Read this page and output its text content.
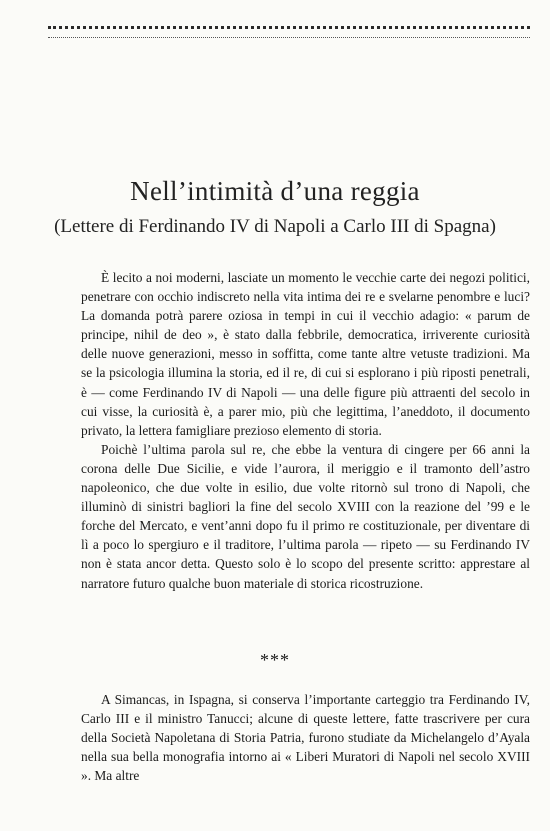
Nell’intimità d’una reggia
(Lettere di Ferdinando IV di Napoli a Carlo III di Spagna)

È lecito a noi moderni, lasciate un momento le vecchie carte dei negozi politici, penetrare con occhio indiscreto nella vita intima dei re e svelarne penombre e luci? La domanda potrà parere oziosa in tempi in cui il vecchio adagio: « parum de principe, nihil de deo », è stato dalla febbrile, democratica, irriverente curiosità delle nuove generazioni, messo in soffitta, come tante altre vetuste tradizioni. Ma se la psicologia illumina la storia, ed il re, di cui si esplorano i più riposti penetrali, è — come Ferdinando IV di Napoli — una delle figure più attraenti del secolo in cui visse, la curiosità è, a parer mio, più che legittima, l’aneddoto, il documento privato, la lettera famigliare prezioso elemento di storia.

Poichè l’ultima parola sul re, che ebbe la ventura di cingere per 66 anni la corona delle Due Sicilie, e vide l’aurora, il meriggio e il tramonto dell’astro napoleonico, che due volte in esilio, due volte ritornò sul trono di Napoli, che illuminò di sinistri bagliori la fine del secolo XVIII con la reazione del ’99 e le forche del Mercato, e vent’anni dopo fu il primo re costituzionale, per diventare di lì a poco lo spergiuro e il traditore, l’ultima parola — ripeto — su Ferdinando IV non è stata ancor detta. Questo solo è lo scopo del presente scritto: apprestare al narratore futuro qualche buon materiale di storica ricostruzione.

***

A Simancas, in Ispagna, si conserva l’importante carteggio tra Ferdinando IV, Carlo III e il ministro Tanucci; alcune di queste lettere, fatte trascrivere per cura della Società Napoletana di Storia Patria, furono studiate da Michelangelo d’Ayala nella sua bella monografia intorno ai « Liberi Muratori di Napoli nel secolo XVIII ». Ma altre
